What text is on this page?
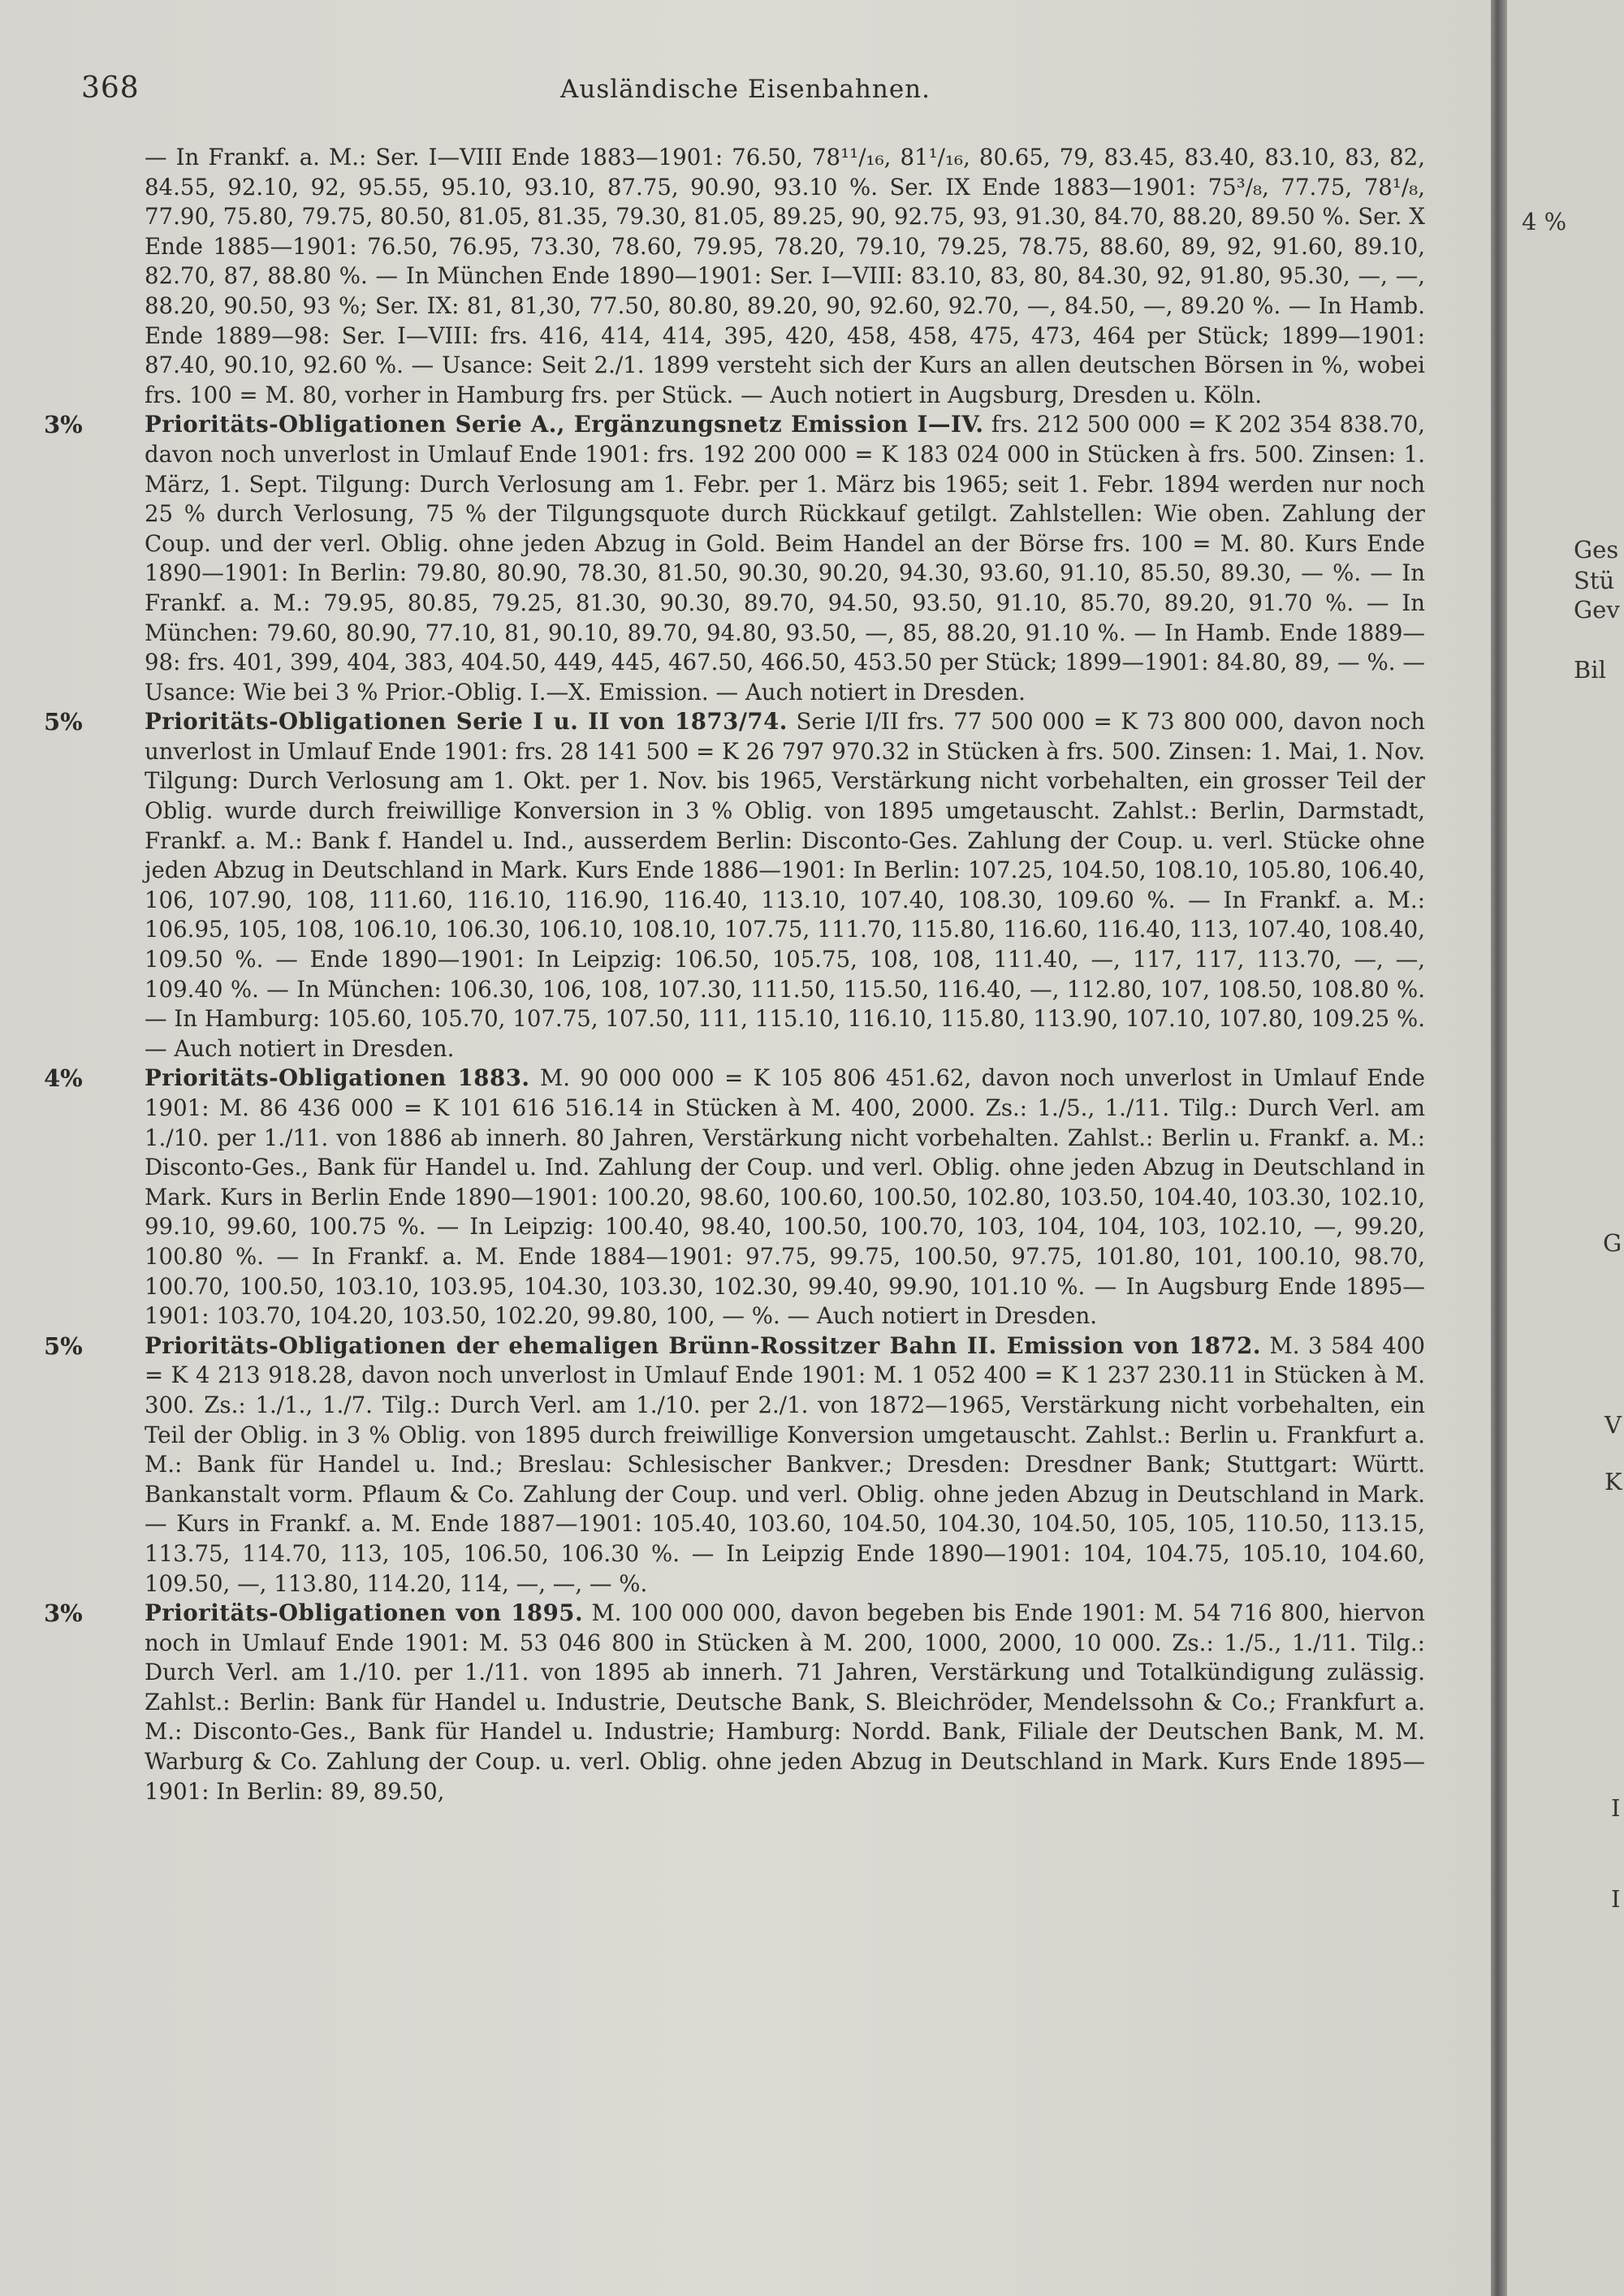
368	Ausländische Eisenbahnen.

— In Frankf. a. M.: Ser. I—VIII Ende 1883—1901: 76.50, 78¹¹/₁₆, 81¹/₁₆, 80.65, 79, 83.45, 83.40, 83.10, 83, 82, 84.55, 92.10, 92, 95.55, 95.10, 93.10, 87.75, 90.90, 93.10 %. Ser. IX Ende 1883—1901: 75³/₈, 77.75, 78¹/₈, 77.90, 75.80, 79.75, 80.50, 81.05, 81.35, 79.30, 81.05, 89.25, 90, 92.75, 93, 91.30, 84.70, 88.20, 89.50 %. Ser. X Ende 1885—1901: 76.50, 76.95, 73.30, 78.60, 79.95, 78.20, 79.10, 79.25, 78.75, 88.60, 89, 92, 91.60, 89.10, 82.70, 87, 88.80 %. — In München Ende 1890—1901: Ser. I—VIII: 83.10, 83, 80, 84.30, 92, 91.80, 95.30, —, —, 88.20, 90.50, 93 %; Ser. IX: 81, 81,30, 77.50, 80.80, 89.20, 90, 92.60, 92.70, —, 84.50, —, 89.20 %. — In Hamb. Ende 1889—98: Ser. I—VIII: frs. 416, 414, 414, 395, 420, 458, 458, 475, 473, 464 per Stück; 1899—1901: 87.40, 90.10, 92.60 %. — Usance: Seit 2./1. 1899 versteht sich der Kurs an allen deutschen Börsen in %, wobei frs. 100 = M. 80, vorher in Hamburg frs. per Stück. — Auch notiert in Augsburg, Dresden u. Köln.

3%	Prioritäts-Obligationen Serie A., Ergänzungsnetz Emission I—IV. frs. 212 500 000 = K 202 354 838.70, davon noch unverlost in Umlauf Ende 1901: frs. 192 200 000 = K 183 024 000 in Stücken à frs. 500. Zinsen: 1. März, 1. Sept. Tilgung: Durch Verlosung am 1. Febr. per 1. März bis 1965; seit 1. Febr. 1894 werden nur noch 25 % durch Verlosung, 75 % der Tilgungsquote durch Rückkauf getilgt. Zahlstellen: Wie oben. Zahlung der Coup. und der verl. Oblig. ohne jeden Abzug in Gold. Beim Handel an der Börse frs. 100 = M. 80. Kurs Ende 1890—1901: In Berlin: 79.80, 80.90, 78.30, 81.50, 90.30, 90.20, 94.30, 93.60, 91.10, 85.50, 89.30, — %. — In Frankf. a. M.: 79.95, 80.85, 79.25, 81.30, 90.30, 89.70, 94.50, 93.50, 91.10, 85.70, 89.20, 91.70 %. — In München: 79.60, 80.90, 77.10, 81, 90.10, 89.70, 94.80, 93.50, —, 85, 88.20, 91.10 %. — In Hamb. Ende 1889—98: frs. 401, 399, 404, 383, 404.50, 449, 445, 467.50, 466.50, 453.50 per Stück; 1899—1901: 84.80, 89, — %. — Usance: Wie bei 3 % Prior.-Oblig. I.—X. Emission. — Auch notiert in Dresden.

5%	Prioritäts-Obligationen Serie I u. II von 1873/74. Serie I/II frs. 77 500 000 = K 73 800 000, davon noch unverlost in Umlauf Ende 1901: frs. 28 141 500 = K 26 797 970.32 in Stücken à frs. 500. Zinsen: 1. Mai, 1. Nov. Tilgung: Durch Verlosung am 1. Okt. per 1. Nov. bis 1965, Verstärkung nicht vorbehalten, ein grosser Teil der Oblig. wurde durch freiwillige Konversion in 3 % Oblig. von 1895 umgetauscht. Zahlst.: Berlin, Darmstadt, Frankf. a. M.: Bank f. Handel u. Ind., ausserdem Berlin: Disconto-Ges. Zahlung der Coup. u. verl. Stücke ohne jeden Abzug in Deutschland in Mark. Kurs Ende 1886—1901: In Berlin: 107.25, 104.50, 108.10, 105.80, 106.40, 106, 107.90, 108, 111.60, 116.10, 116.90, 116.40, 113.10, 107.40, 108.30, 109.60 %. — In Frankf. a. M.: 106.95, 105, 108, 106.10, 106.30, 106.10, 108.10, 107.75, 111.70, 115.80, 116.60, 116.40, 113, 107.40, 108.40, 109.50 %. — Ende 1890—1901: In Leipzig: 106.50, 105.75, 108, 108, 111.40, —, 117, 117, 113.70, —, —, 109.40 %. — In München: 106.30, 106, 108, 107.30, 111.50, 115.50, 116.40, —, 112.80, 107, 108.50, 108.80 %. — In Hamburg: 105.60, 105.70, 107.75, 107.50, 111, 115.10, 116.10, 115.80, 113.90, 107.10, 107.80, 109.25 %. — Auch notiert in Dresden.

4%	Prioritäts-Obligationen 1883. M. 90 000 000 = K 105 806 451.62, davon noch unverlost in Umlauf Ende 1901: M. 86 436 000 = K 101 616 516.14 in Stücken à M. 400, 2000. Zs.: 1./5., 1./11. Tilg.: Durch Verl. am 1./10. per 1./11. von 1886 ab innerh. 80 Jahren, Verstärkung nicht vorbehalten. Zahlst.: Berlin u. Frankf. a. M.: Disconto-Ges., Bank für Handel u. Ind. Zahlung der Coup. und verl. Oblig. ohne jeden Abzug in Deutschland in Mark. Kurs in Berlin Ende 1890—1901: 100.20, 98.60, 100.60, 100.50, 102.80, 103.50, 104.40, 103.30, 102.10, 99.10, 99.60, 100.75 %. — In Leipzig: 100.40, 98.40, 100.50, 100.70, 103, 104, 104, 103, 102.10, —, 99.20, 100.80 %. — In Frankf. a. M. Ende 1884—1901: 97.75, 99.75, 100.50, 97.75, 101.80, 101, 100.10, 98.70, 100.70, 100.50, 103.10, 103.95, 104.30, 103.30, 102.30, 99.40, 99.90, 101.10 %. — In Augsburg Ende 1895—1901: 103.70, 104.20, 103.50, 102.20, 99.80, 100, — %. — Auch notiert in Dresden.

5%	Prioritäts-Obligationen der ehemaligen Brünn-Rossitzer Bahn II. Emission von 1872. M. 3 584 400 = K 4 213 918.28, davon noch unverlost in Umlauf Ende 1901: M. 1 052 400 = K 1 237 230.11 in Stücken à M. 300. Zs.: 1./1., 1./7. Tilg.: Durch Verl. am 1./10. per 2./1. von 1872—1965, Verstärkung nicht vorbehalten, ein Teil der Oblig. in 3 % Oblig. von 1895 durch freiwillige Konversion umgetauscht. Zahlst.: Berlin u. Frankfurt a. M.: Bank für Handel u. Ind.; Breslau: Schlesischer Bankver.; Dresden: Dresdner Bank; Stuttgart: Württ. Bankanstalt vorm. Pflaum & Co. Zahlung der Coup. und verl. Oblig. ohne jeden Abzug in Deutschland in Mark. — Kurs in Frankf. a. M. Ende 1887—1901: 105.40, 103.60, 104.50, 104.30, 104.50, 105, 105, 110.50, 113.15, 113.75, 114.70, 113, 105, 106.50, 106.30 %. — In Leipzig Ende 1890—1901: 104, 104.75, 105.10, 104.60, 109.50, —, 113.80, 114.20, 114, —, —, — %.

3%	Prioritäts-Obligationen von 1895. M. 100 000 000, davon begeben bis Ende 1901: M. 54 716 800, hiervon noch in Umlauf Ende 1901: M. 53 046 800 in Stücken à M. 200, 1000, 2000, 10 000. Zs.: 1./5., 1./11. Tilg.: Durch Verl. am 1./10. per 1./11. von 1895 ab innerh. 71 Jahren, Verstärkung und Totalkündigung zulässig. Zahlst.: Berlin: Bank für Handel u. Industrie, Deutsche Bank, S. Bleichröder, Mendelssohn & Co.; Frankfurt a. M.: Disconto-Ges., Bank für Handel u. Industrie; Hamburg: Nordd. Bank, Filiale der Deutschen Bank, M. M. Warburg & Co. Zahlung der Coup. u. verl. Oblig. ohne jeden Abzug in Deutschland in Mark. Kurs Ende 1895—1901: In Berlin: 89, 89.50,

4 %
Ges
Stü
Gev
Bil
G
V
K
I
I
